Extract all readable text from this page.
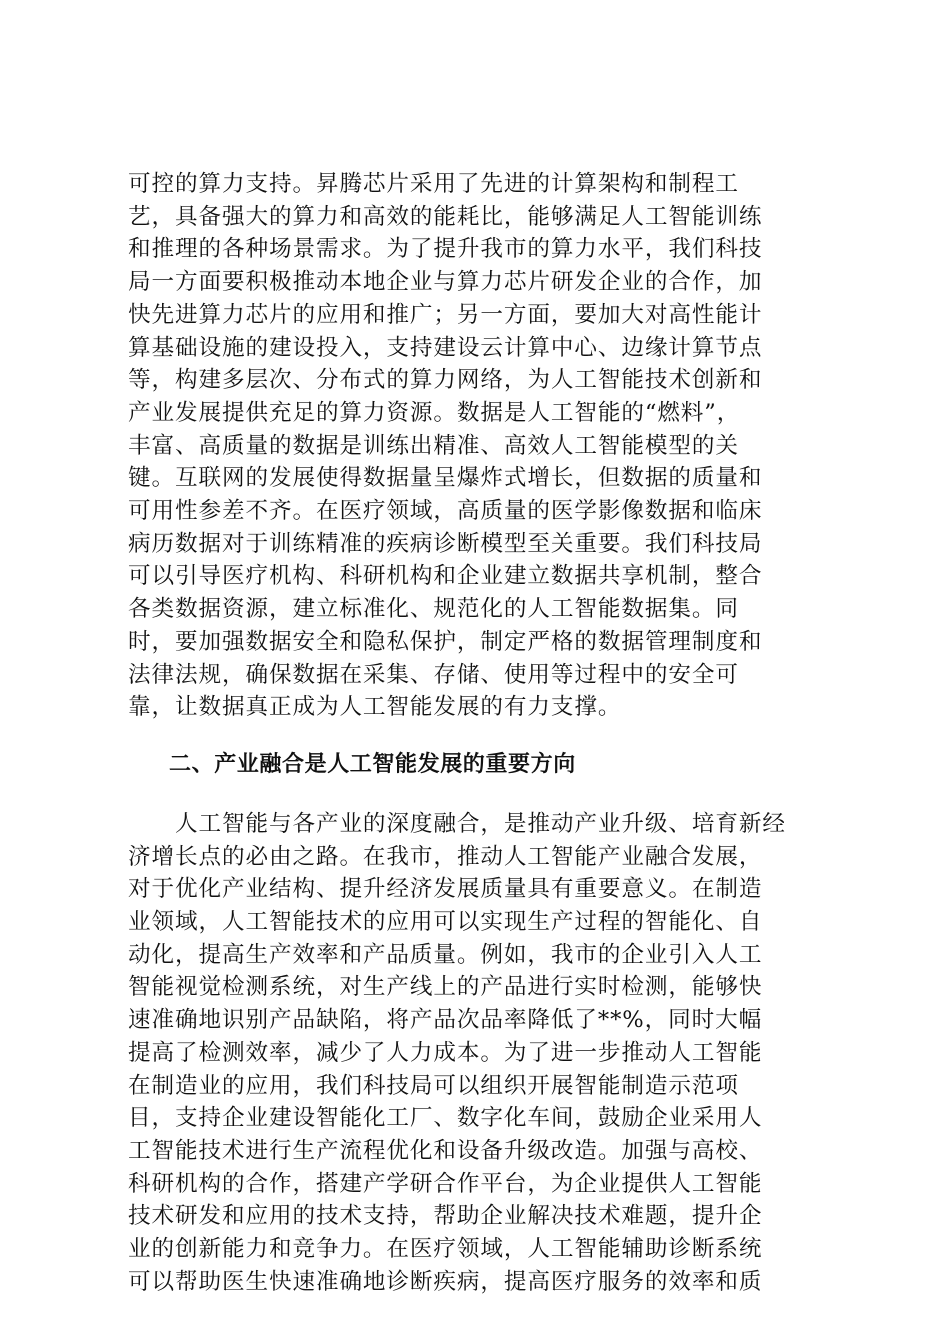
可控的算力支持。昇腾芯片采用了先进的计算架构和制程工
艺，具备强大的算力和高效的能耗比，能够满足人工智能训练
和推理的各种场景需求。为了提升我市的算力水平，我们科技
局一方面要积极推动本地企业与算力芯片研发企业的合作，加
快先进算力芯片的应用和推广；另一方面，要加大对高性能计
算基础设施的建设投入，支持建设云计算中心、边缘计算节点
等，构建多层次、分布式的算力网络，为人工智能技术创新和
产业发展提供充足的算力资源。数据是人工智能的“燃料”，
丰富、高质量的数据是训练出精准、高效人工智能模型的关
键。互联网的发展使得数据量呈爆炸式增长，但数据的质量和
可用性参差不齐。在医疗领域，高质量的医学影像数据和临床
病历数据对于训练精准的疾病诊断模型至关重要。我们科技局
可以引导医疗机构、科研机构和企业建立数据共享机制，整合
各类数据资源，建立标准化、规范化的人工智能数据集。同
时，要加强数据安全和隐私保护，制定严格的数据管理制度和
法律法规，确保数据在采集、存储、使用等过程中的安全可
靠，让数据真正成为人工智能发展的有力支撑。
二、产业融合是人工智能发展的重要方向
　　人工智能与各产业的深度融合，是推动产业升级、培育新经
济增长点的必由之路。在我市，推动人工智能产业融合发展，
对于优化产业结构、提升经济发展质量具有重要意义。在制造
业领域，人工智能技术的应用可以实现生产过程的智能化、自
动化，提高生产效率和产品质量。例如，我市的企业引入人工
智能视觉检测系统，对生产线上的产品进行实时检测，能够快
速准确地识别产品缺陷，将产品次品率降低了**%，同时大幅
提高了检测效率，减少了人力成本。为了进一步推动人工智能
在制造业的应用，我们科技局可以组织开展智能制造示范项
目，支持企业建设智能化工厂、数字化车间，鼓励企业采用人
工智能技术进行生产流程优化和设备升级改造。加强与高校、
科研机构的合作，搭建产学研合作平台，为企业提供人工智能
技术研发和应用的技术支持，帮助企业解决技术难题，提升企
业的创新能力和竞争力。在医疗领域，人工智能辅助诊断系统
可以帮助医生快速准确地诊断疾病，提高医疗服务的效率和质
